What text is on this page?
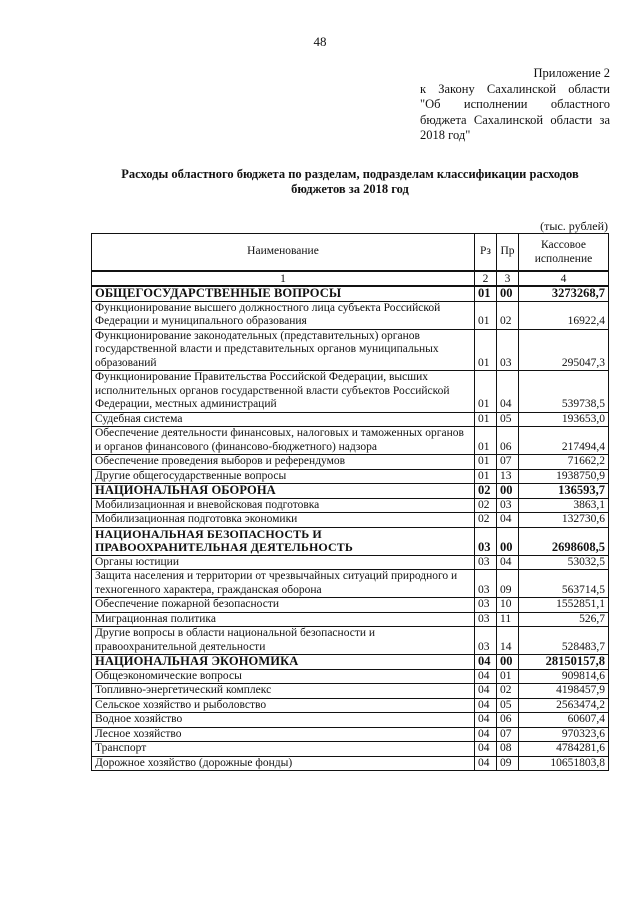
48
Приложение 2
к Закону Сахалинской области
"Об исполнении областного
бюджета Сахалинской области за
2018 год"
Расходы областного бюджета по разделам, подразделам классификации расходов
бюджетов за 2018 год
(тыс. рублей)
Наименование	Рз	Пр	Кассовое
исполнение

1	2	3	4
ОБЩЕГОСУДАРСТВЕННЫЕ ВОПРОСЫ	01	00	3273268,7
Функционирование высшего должностного лица субъекта Российской Федерации и муниципального образования	01	02	16922,4
Функционирование законодательных (представительных) органов государственной власти и представительных органов муниципальных образований	01	03	295047,3
Функционирование Правительства Российской Федерации, высших исполнительных органов государственной власти субъектов Российской Федерации, местных администраций	01	04	539738,5
Судебная система	01	05	193653,0
Обеспечение деятельности финансовых, налоговых и таможенных органов и органов финансового (финансово-бюджетного) надзора	01	06	217494,4
Обеспечение проведения выборов и референдумов	01	07	71662,2
Другие общегосударственные вопросы	01	13	1938750,9
НАЦИОНАЛЬНАЯ ОБОРОНА	02	00	136593,7
Мобилизационная и вневойсковая подготовка	02	03	3863,1
Мобилизационная подготовка экономики	02	04	132730,6
НАЦИОНАЛЬНАЯ БЕЗОПАСНОСТЬ И ПРАВООХРАНИТЕЛЬНАЯ ДЕЯТЕЛЬНОСТЬ	03	00	2698608,5
Органы юстиции	03	04	53032,5
Защита населения и территории от чрезвычайных ситуаций природного и техногенного характера, гражданская оборона	03	09	563714,5
Обеспечение пожарной безопасности	03	10	1552851,1
Миграционная политика	03	11	526,7
Другие вопросы в области национальной безопасности и правоохранительной деятельности	03	14	528483,7
НАЦИОНАЛЬНАЯ ЭКОНОМИКА	04	00	28150157,8
Общеэкономические вопросы	04	01	909814,6
Топливно-энергетический комплекс	04	02	4198457,9
Сельское хозяйство и рыболовство	04	05	2563474,2
Водное хозяйство	04	06	60607,4
Лесное хозяйство	04	07	970323,6
Транспорт	04	08	4784281,6
Дорожное хозяйство (дорожные фонды)	04	09	10651803,8
